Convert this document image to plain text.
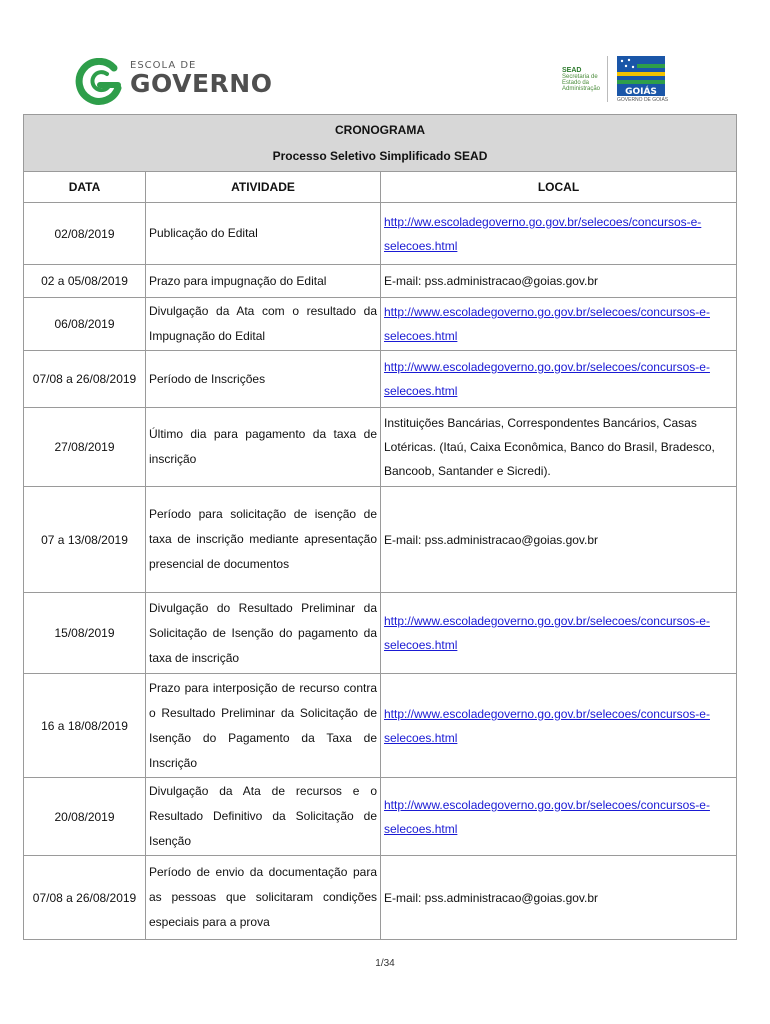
ESCOLA DE
GOVERNO	SEAD
Secretaria de
Estado da
Administração	GOIÁS
GOVERNO DE GOIÁS
CRONOGRAMA
Processo Seletivo Simplificado SEAD		

DATA	ATIVIDADE	LOCAL
02/08/2019	Publicação do Edital	http://ww.escoladegoverno.go.gov.br/selecoes/concursos-e-selecoes.html
02 a 05/08/2019	Prazo para impugnação do Edital	E-mail: pss.administracao@goias.gov.br
06/08/2019	Divulgação da Ata com o resultado da Impugnação do Edital	http://www.escoladegoverno.go.gov.br/selecoes/concursos-e-selecoes.html
07/08 a 26/08/2019	Período de Inscrições	http://www.escoladegoverno.go.gov.br/selecoes/concursos-e-selecoes.html
27/08/2019	Último dia para pagamento da taxa de inscrição	Instituições Bancárias, Correspondentes Bancários, Casas Lotéricas. (Itaú, Caixa Econômica, Banco do Brasil, Bradesco, Bancoob, Santander e Sicredi).
07 a 13/08/2019	Período para solicitação de isenção de taxa de inscrição mediante apresentação presencial de documentos	E-mail: pss.administracao@goias.gov.br
15/08/2019	Divulgação do Resultado Preliminar da Solicitação de Isenção do pagamento da taxa de inscrição	http://www.escoladegoverno.go.gov.br/selecoes/concursos-e-selecoes.html
16 a 18/08/2019	Prazo para interposição de recurso contra o Resultado Preliminar da Solicitação de Isenção do Pagamento da Taxa de Inscrição	http://www.escoladegoverno.go.gov.br/selecoes/concursos-e-selecoes.html
20/08/2019	Divulgação da Ata de recursos e o Resultado Definitivo da Solicitação de Isenção	http://www.escoladegoverno.go.gov.br/selecoes/concursos-e-selecoes.html
07/08 a 26/08/2019	Período de envio da documentação para as pessoas que solicitaram condições especiais para a prova	E-mail: pss.administracao@goias.gov.br
1/34
